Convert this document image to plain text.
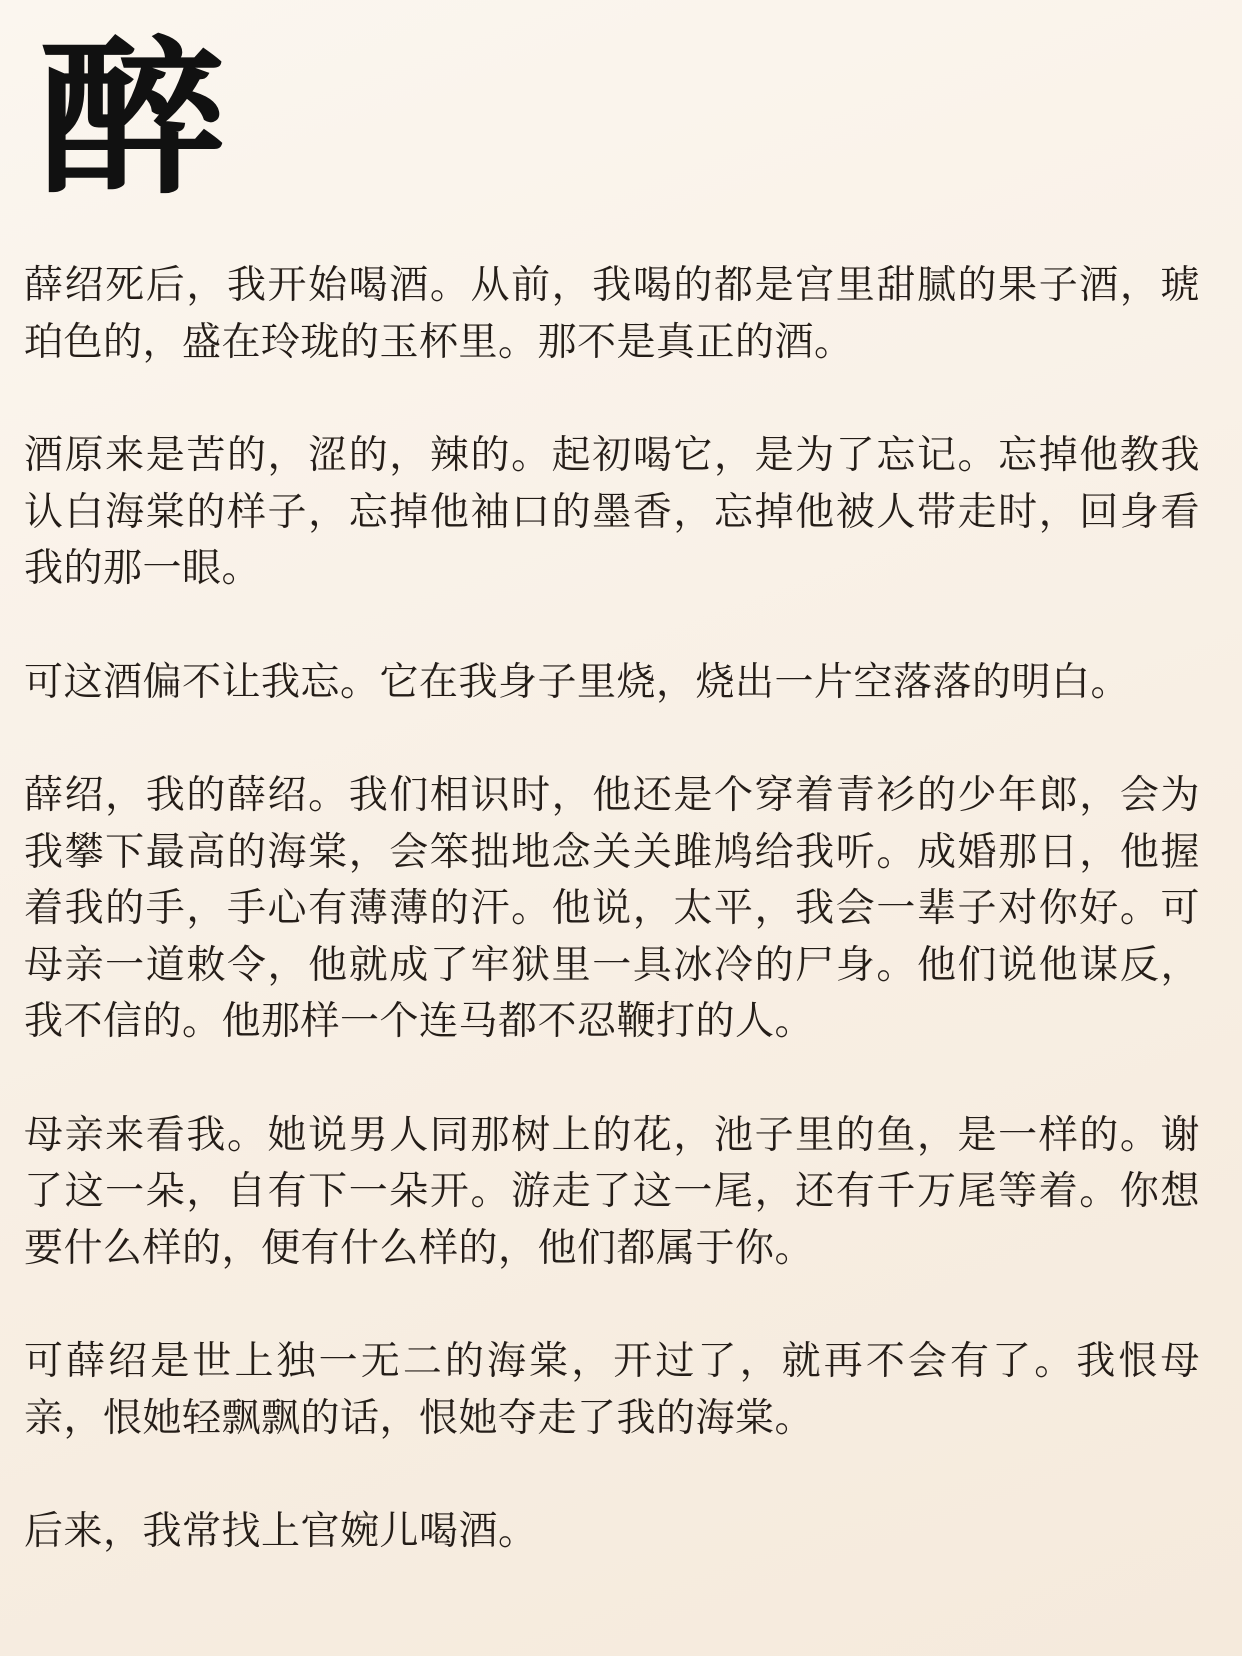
醉

薛绍死后，我开始喝酒。从前，我喝的都是宫里甜腻的果子酒，琥珀色的，盛在玲珑的玉杯里。那不是真正的酒。

酒原来是苦的，涩的，辣的。起初喝它，是为了忘记。忘掉他教我认白海棠的样子，忘掉他袖口的墨香，忘掉他被人带走时，回身看我的那一眼。

可这酒偏不让我忘。它在我身子里烧，烧出一片空落落的明白。

薛绍，我的薛绍。我们相识时，他还是个穿着青衫的少年郎，会为我攀下最高的海棠，会笨拙地念关关雎鸠给我听。成婚那日，他握着我的手，手心有薄薄的汗。他说，太平，我会一辈子对你好。可母亲一道敕令，他就成了牢狱里一具冰冷的尸身。他们说他谋反，我不信的。他那样一个连马都不忍鞭打的人。

母亲来看我。她说男人同那树上的花，池子里的鱼，是一样的。谢了这一朵，自有下一朵开。游走了这一尾，还有千万尾等着。你想要什么样的，便有什么样的，他们都属于你。

可薛绍是世上独一无二的海棠，开过了，就再不会有了。我恨母亲，恨她轻飘飘的话，恨她夺走了我的海棠。

后来，我常找上官婉儿喝酒。
